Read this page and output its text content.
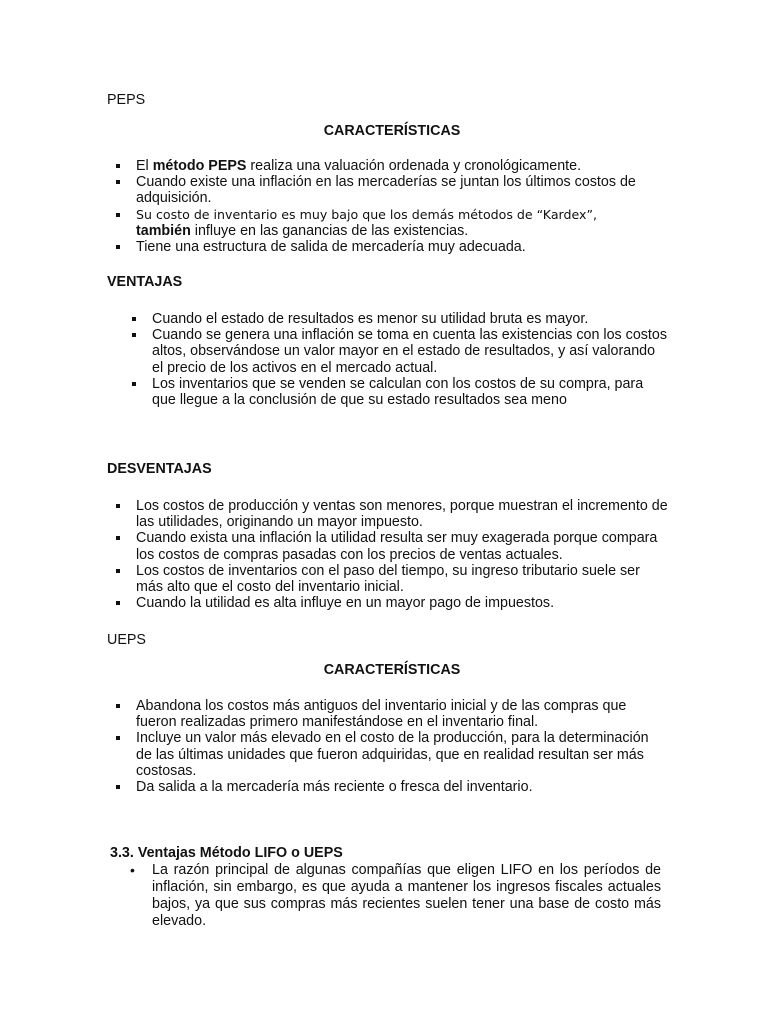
PEPS

CARACTERÍSTICAS

El método PEPS realiza una valuación ordenada y cronológicamente.
Cuando existe una inflación en las mercaderías se juntan los últimos costos de adquisición.
Su costo de inventario es muy bajo que los demás métodos de “Kardex”, también influye en las ganancias de las existencias.
Tiene una estructura de salida de mercadería muy adecuada.

VENTAJAS

Cuando el estado de resultados es menor su utilidad bruta es mayor.
Cuando se genera una inflación se toma en cuenta las existencias con los costos altos, observándose un valor mayor en el estado de resultados, y así valorando el precio de los activos en el mercado actual.
Los inventarios que se venden se calculan con los costos de su compra, para que llegue a la conclusión de que su estado resultados sea meno

DESVENTAJAS

Los costos de producción y ventas son menores, porque muestran el incremento de las utilidades, originando un mayor impuesto.
Cuando exista una inflación la utilidad resulta ser muy exagerada porque compara los costos de compras pasadas con los precios de ventas actuales.
Los costos de inventarios con el paso del tiempo, su ingreso tributario suele ser más alto que el costo del inventario inicial.
Cuando la utilidad es alta influye en un mayor pago de impuestos.

UEPS

CARACTERÍSTICAS

Abandona los costos más antiguos del inventario inicial y de las compras que fueron realizadas primero manifestándose en el inventario final.
Incluye un valor más elevado en el costo de la producción, para la determinación de las últimas unidades que fueron adquiridas, que en realidad resultan ser más costosas.
Da salida a la mercadería más reciente o fresca del inventario.

3.3. Ventajas Método LIFO o UEPS

• La razón principal de algunas compañías que eligen LIFO en los períodos de inflación, sin embargo, es que ayuda a mantener los ingresos fiscales actuales bajos, ya que sus compras más recientes suelen tener una base de costo más elevado.
